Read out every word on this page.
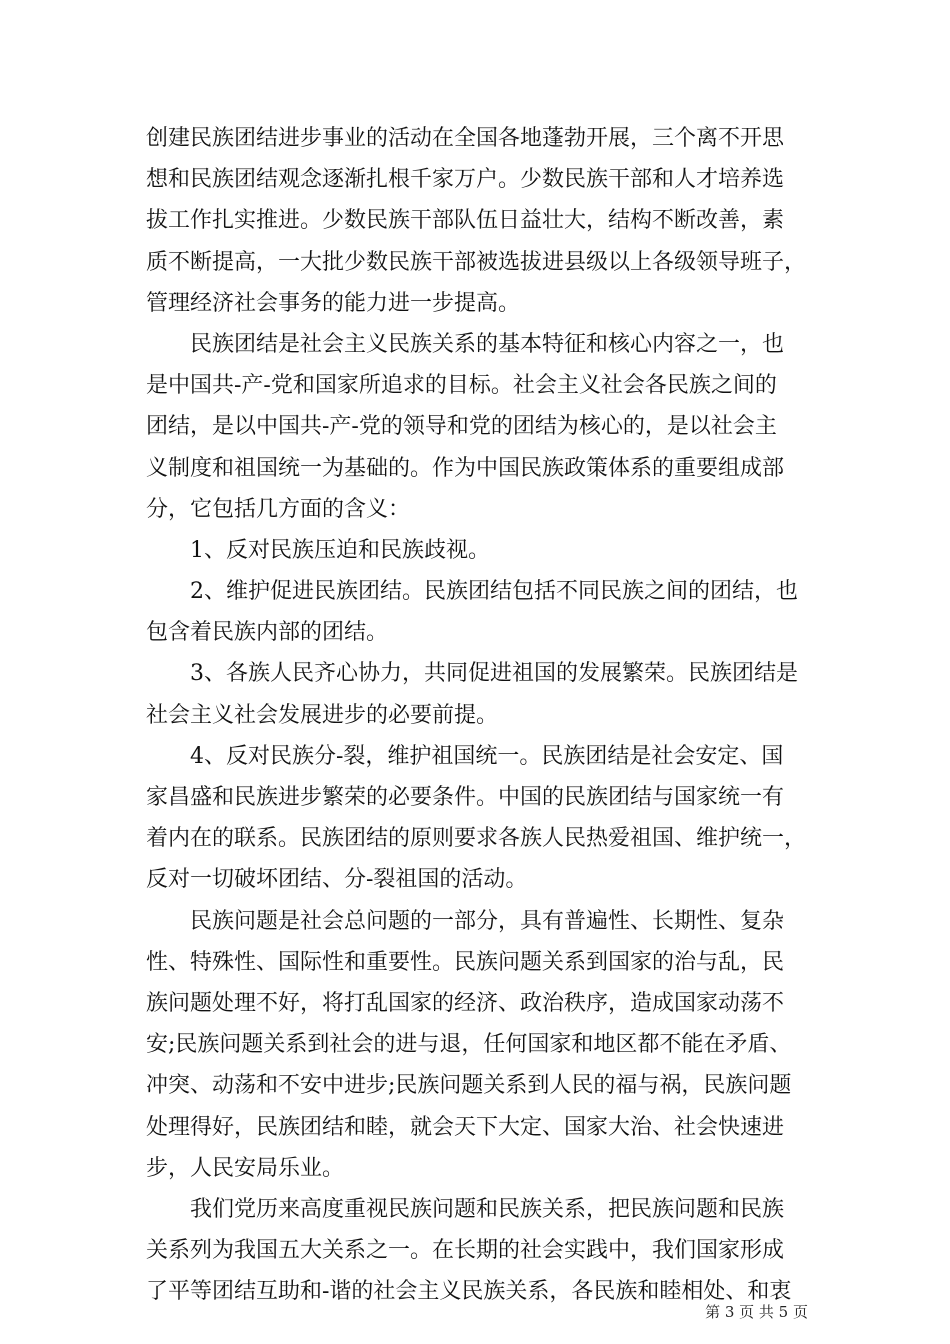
创建民族团结进步事业的活动在全国各地蓬勃开展，三个离不开思
想和民族团结观念逐渐扎根千家万户。少数民族干部和人才培养选
拔工作扎实推进。少数民族干部队伍日益壮大，结构不断改善，素
质不断提高，一大批少数民族干部被选拔进县级以上各级领导班子，
管理经济社会事务的能力进一步提高。
民族团结是社会主义民族关系的基本特征和核心内容之一，也
是中国共-产-党和国家所追求的目标。社会主义社会各民族之间的
团结，是以中国共-产-党的领导和党的团结为核心的，是以社会主
义制度和祖国统一为基础的。作为中国民族政策体系的重要组成部
分，它包括几方面的含义：
1、反对民族压迫和民族歧视。
2、维护促进民族团结。民族团结包括不同民族之间的团结，也
包含着民族内部的团结。
3、各族人民齐心协力，共同促进祖国的发展繁荣。民族团结是
社会主义社会发展进步的必要前提。
4、反对民族分-裂，维护祖国统一。民族团结是社会安定、国
家昌盛和民族进步繁荣的必要条件。中国的民族团结与国家统一有
着内在的联系。民族团结的原则要求各族人民热爱祖国、维护统一，
反对一切破坏团结、分-裂祖国的活动。
民族问题是社会总问题的一部分，具有普遍性、长期性、复杂
性、特殊性、国际性和重要性。民族问题关系到国家的治与乱，民
族问题处理不好，将打乱国家的经济、政治秩序，造成国家动荡不
安;民族问题关系到社会的进与退，任何国家和地区都不能在矛盾、
冲突、动荡和不安中进步;民族问题关系到人民的福与祸，民族问题
处理得好，民族团结和睦，就会天下大定、国家大治、社会快速进
步，人民安局乐业。
我们党历来高度重视民族问题和民族关系，把民族问题和民族
关系列为我国五大关系之一。在长期的社会实践中，我们国家形成
了平等团结互助和-谐的社会主义民族关系，各民族和睦相处、和衷
第 3 页 共 5 页
